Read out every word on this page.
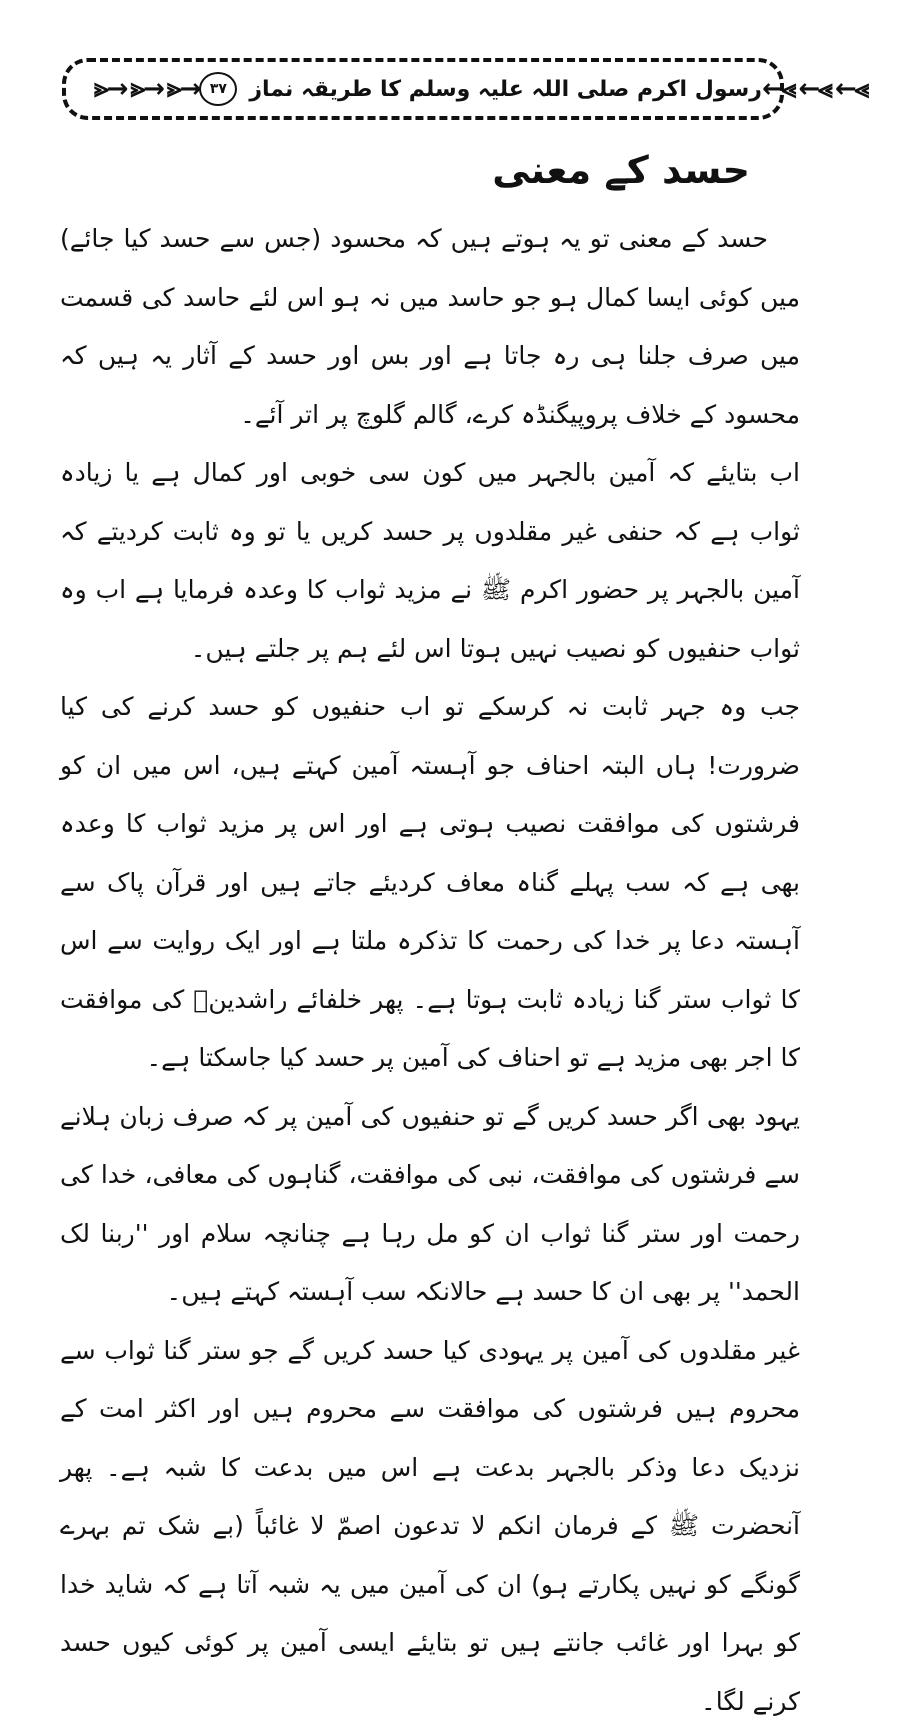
⪢→ ⪢→ ⪢→ رسول اکرم صلی اللہ علیہ وسلم کا طریقہ نماز
۳۷	←⪡ ←⪡ ←⪡
حسد کے معنی

حسد کے معنی تو یہ ہوتے ہیں کہ محسود (جس سے حسد کیا جائے) میں کوئی ایسا کمال ہو جو حاسد میں نہ ہو اس لئے حاسد کی قسمت میں صرف جلنا ہی رہ جاتا ہے اور بس اور حسد کے آثار یہ ہیں کہ محسود کے خلاف پروپیگنڈہ کرے، گالم گلوچ پر اتر آئے۔

اب بتایئے کہ آمین بالجہر میں کون سی خوبی اور کمال ہے یا زیادہ ثواب ہے کہ حنفی غیر مقلدوں پر حسد کریں یا تو وہ ثابت کردیتے کہ آمین بالجہر پر حضور اکرم ﷺ نے مزید ثواب کا وعدہ فرمایا ہے اب وہ ثواب حنفیوں کو نصیب نہیں ہوتا اس لئے ہم پر جلتے ہیں۔

جب وہ جہر ثابت نہ کرسکے تو اب حنفیوں کو حسد کرنے کی کیا ضرورت! ہاں البتہ احناف جو آہستہ آمین کہتے ہیں، اس میں ان کو فرشتوں کی موافقت نصیب ہوتی ہے اور اس پر مزید ثواب کا وعدہ بھی ہے کہ سب پہلے گناہ معاف کردیئے جاتے ہیں اور قرآن پاک سے آہستہ دعا پر خدا کی رحمت کا تذکرہ ملتا ہے اور ایک روایت سے اس کا ثواب ستر گنا زیادہ ثابت ہوتا ہے۔ پھر خلفائے راشدینؓ کی موافقت کا اجر بھی مزید ہے تو احناف کی آمین پر حسد کیا جاسکتا ہے۔

یہود بھی اگر حسد کریں گے تو حنفیوں کی آمین پر کہ صرف زبان ہلانے سے فرشتوں کی موافقت، نبی کی موافقت، گناہوں کی معافی، خدا کی رحمت اور ستر گنا ثواب ان کو مل رہا ہے چنانچہ سلام اور ''ربنا لک الحمد'' پر بھی ان کا حسد ہے حالانکہ سب آہستہ کہتے ہیں۔

غیر مقلدوں کی آمین پر یہودی کیا حسد کریں گے جو ستر گنا ثواب سے محروم ہیں فرشتوں کی موافقت سے محروم ہیں اور اکثر امت کے نزدیک دعا وذکر بالجہر بدعت ہے اس میں بدعت کا شبہ ہے۔ پھر آنحضرت ﷺ کے فرمان انکم لا تدعون اصمّ لا غائباً (بے شک تم بہرے گونگے کو نہیں پکارتے ہو) ان کی آمین میں یہ شبہ آتا ہے کہ شاید خدا کو بہرا اور غائب جانتے ہیں تو بتایئے ایسی آمین پر کوئی کیوں حسد کرنے لگا۔
